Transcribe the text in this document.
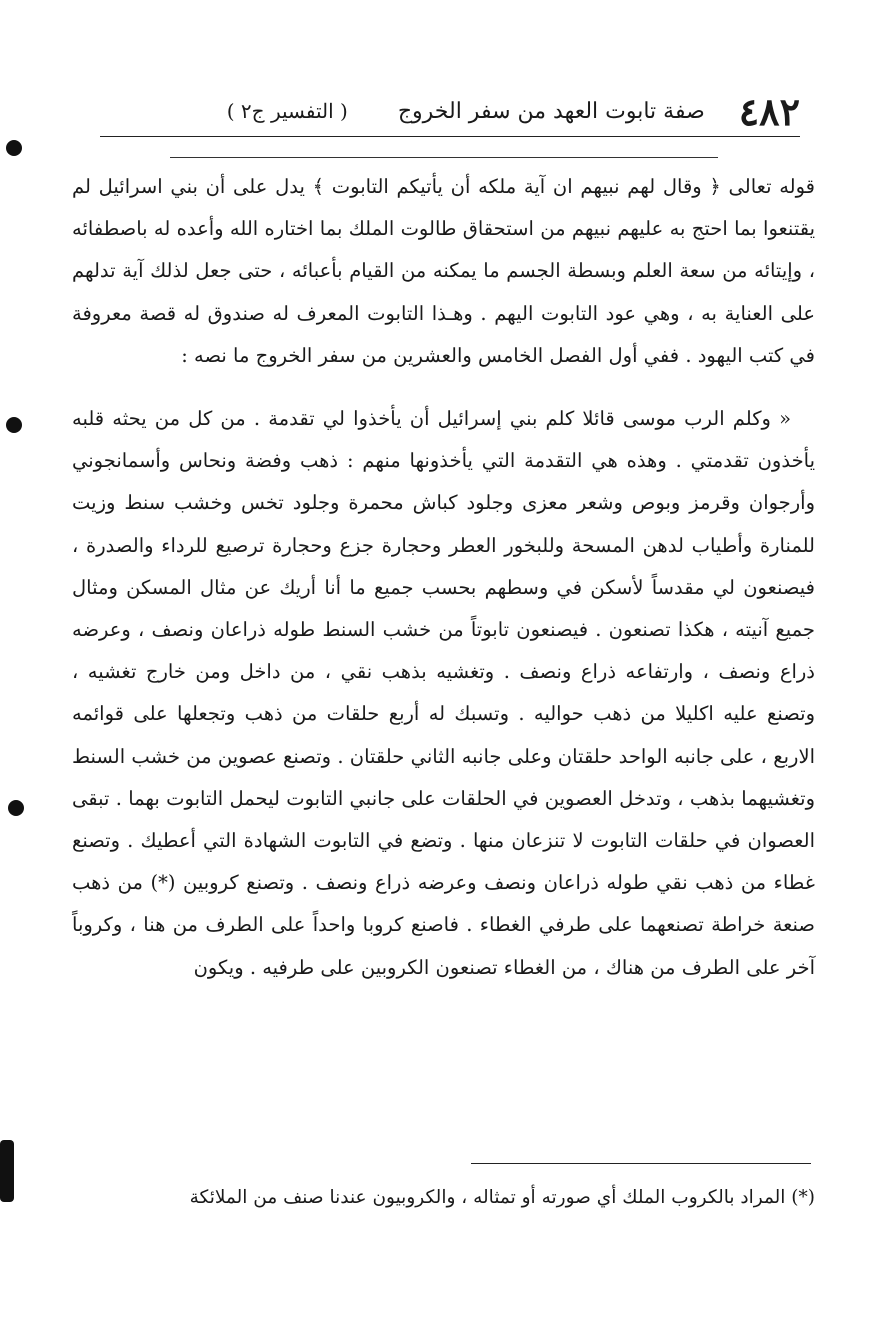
٤٨٢
صفة تابوت العهد من سفر الخروج
( التفسير ج٢ )

قوله تعالى ﴿ وقال لهم نبيهم ان آية ملكه أن يأتيكم التابوت ﴾ يدل على أن بني اسرائيل لم يقتنعوا بما احتج به عليهم نبيهم من استحقاق طالوت الملك بما اختاره الله وأعده له باصطفائه ، وإيتائه من سعة العلم وبسطة الجسم ما يمكنه من القيام بأعبائه ، حتى جعل لذلك آية تدلهم على العناية به ، وهي عود التابوت اليهم . وهـذا التابوت المعرف له صندوق له قصة معروفة في كتب اليهود . ففي أول الفصل الخامس والعشرين من سفر الخروج ما نصه :

« وكلم الرب موسى قائلا كلم بني إسرائيل أن يأخذوا لي تقدمة . من كل من يحثه قلبه يأخذون تقدمتي . وهذه هي التقدمة التي يأخذونها منهم : ذهب وفضة ونحاس وأسمانجوني وأرجوان وقرمز وبوص وشعر معزى وجلود كباش محمرة وجلود تخس وخشب سنط وزيت للمنارة وأطياب لدهن المسحة وللبخور العطر وحجارة جزع وحجارة ترصيع للرداء والصدرة ، فيصنعون لي مقدساً لأسكن في وسطهم بحسب جميع ما أنا أريك عن مثال المسكن ومثال جميع آنيته ، هكذا تصنعون . فيصنعون تابوتاً من خشب السنط طوله ذراعان ونصف ، وعرضه ذراع ونصف ، وارتفاعه ذراع ونصف . وتغشيه بذهب نقي ، من داخل ومن خارج تغشيه ، وتصنع عليه اكليلا من ذهب حواليه . وتسبك له أربع حلقات من ذهب وتجعلها على قوائمه الاربع ، على جانبه الواحد حلقتان وعلى جانبه الثاني حلقتان . وتصنع عصوين من خشب السنط وتغشيهما بذهب ، وتدخل العصوين في الحلقات على جانبي التابوت ليحمل التابوت بهما . تبقى العصوان في حلقات التابوت لا تنزعان منها . وتضع في التابوت الشهادة التي أعطيك . وتصنع غطاء من ذهب نقي طوله ذراعان ونصف وعرضه ذراع ونصف . وتصنع كروبين (*) من ذهب صنعة خراطة تصنعهما على طرفي الغطاء . فاصنع كروبا واحداً على الطرف من هنا ، وكروباً آخر على الطرف من هناك ، من الغطاء تصنعون الكروبين على طرفيه . ويكون

(*) المراد بالكروب الملك أي صورته أو تمثاله ، والكروبيون عندنا صنف من الملائكة
